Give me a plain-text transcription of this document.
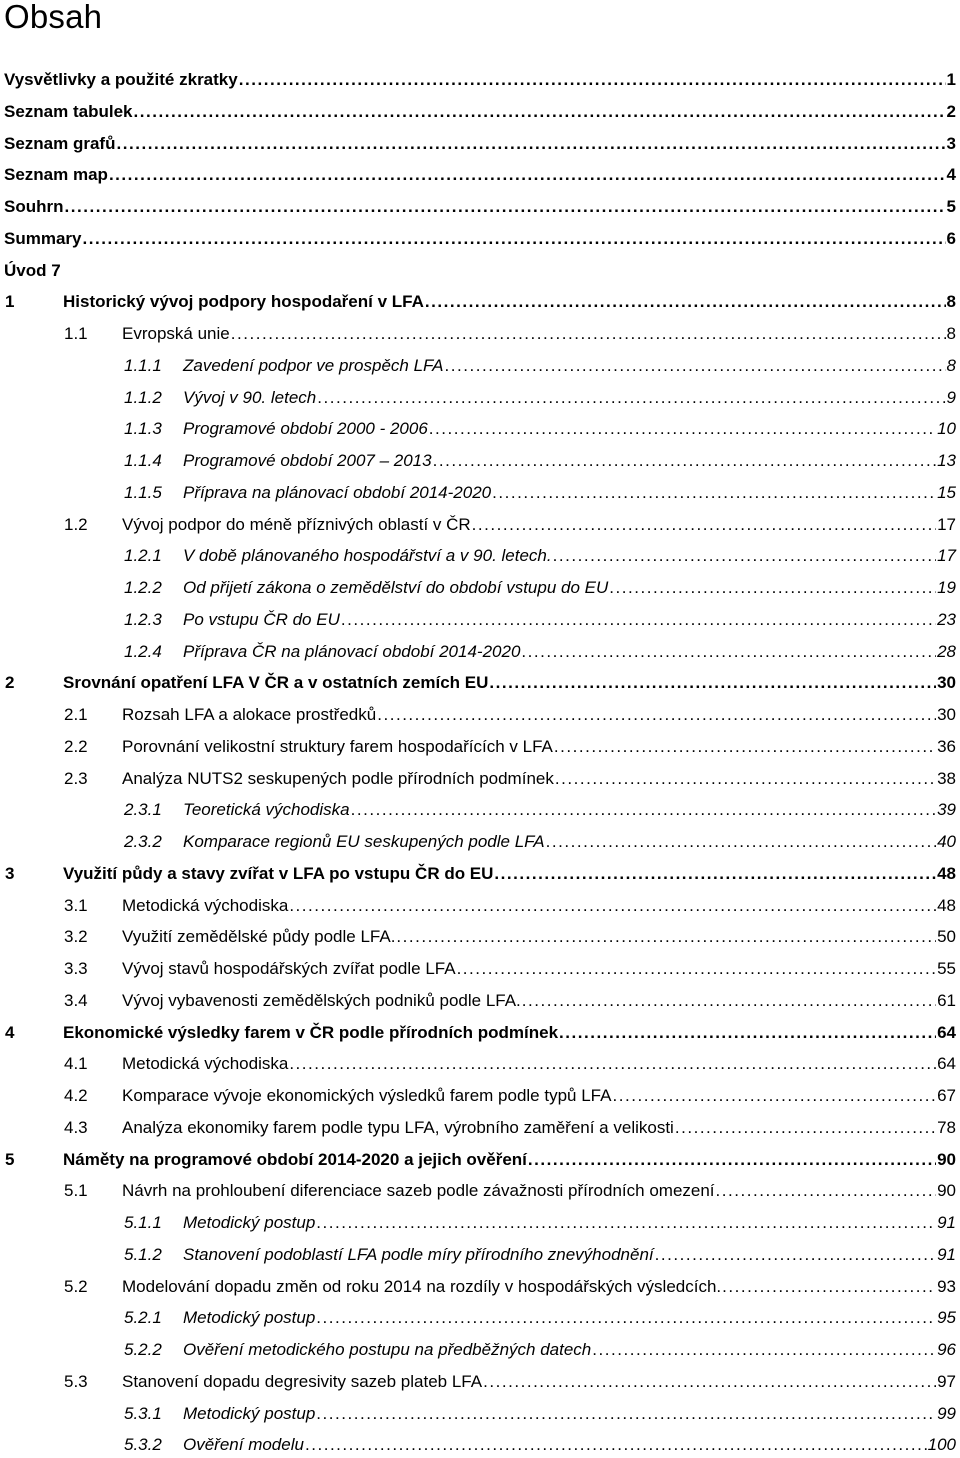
Obsah
Vysvětlivky a použité zkratky . . .	1
Seznam tabulek . . .	2
Seznam grafů . . .	3
Seznam map . . .	4
Souhrn . . .	5
Summary . . .	6
Úvod 7
1	Historický vývoj podpory hospodaření v LFA . . .	8
1.1	Evropská unie . . .	8
1.1.1	Zavedení podpor ve prospěch LFA . . .	8
1.1.2	Vývoj v 90. letech . . .	9
1.1.3	Programové období 2000 - 2006 . . .	10
1.1.4	Programové období 2007 – 2013 . . .	13
1.1.5	Příprava na plánovací období 2014-2020 . . .	15
1.2	Vývoj podpor do méně příznivých oblastí v ČR . . .	17
1.2.1	V době plánovaného hospodářství a v 90. letech. . . .	17
1.2.2	Od přijetí zákona o zemědělství do období vstupu do EU . . .	19
1.2.3	Po vstupu ČR do EU . . .	23
1.2.4	Příprava ČR na plánovací období 2014-2020 . . .	28
2	Srovnání opatření LFA V ČR a v ostatních zemích EU . . .	30
2.1	Rozsah LFA a alokace prostředků . . .	30
2.2	Porovnání velikostní struktury farem hospodařících v LFA . . .	36
2.3	Analýza NUTS2 seskupených podle přírodních podmínek . . .	38
2.3.1	Teoretická východiska . . .	39
2.3.2	Komparace regionů EU seskupených podle LFA . . .	40
3	Využití půdy a stavy zvířat v LFA po vstupu ČR do EU . . .	48
3.1	Metodická východiska . . .	48
3.2	Využití zemědělské půdy podle LFA. . . .	50
3.3	Vývoj stavů hospodářských zvířat podle LFA . . .	55
3.4	Vývoj vybavenosti zemědělských podniků podle LFA. . . .	61
4	Ekonomické výsledky farem v ČR podle přírodních podmínek . . .	64
4.1	Metodická východiska . . .	64
4.2	Komparace vývoje ekonomických výsledků farem podle typů LFA . . .	67
4.3	Analýza ekonomiky farem podle typu LFA, výrobního zaměření a velikosti . . .	78
5	Náměty na programové období 2014-2020 a jejich ověření . . .	90
5.1	Návrh na prohloubení diferenciace sazeb podle závažnosti přírodních omezení . . .	90
5.1.1	Metodický postup . . .	91
5.1.2	Stanovení podoblastí LFA podle míry přírodního znevýhodnění . . .	91
5.2	Modelování dopadu změn od roku 2014 na rozdíly v hospodářských výsledcích. . . .	93
5.2.1	Metodický postup . . .	95
5.2.2	Ověření metodického postupu na předběžných datech . . .	96
5.3	Stanovení dopadu degresivity sazeb plateb LFA . . .	97
5.3.1	Metodický postup . . .	99
5.3.2	Ověření modelu . . .	100
